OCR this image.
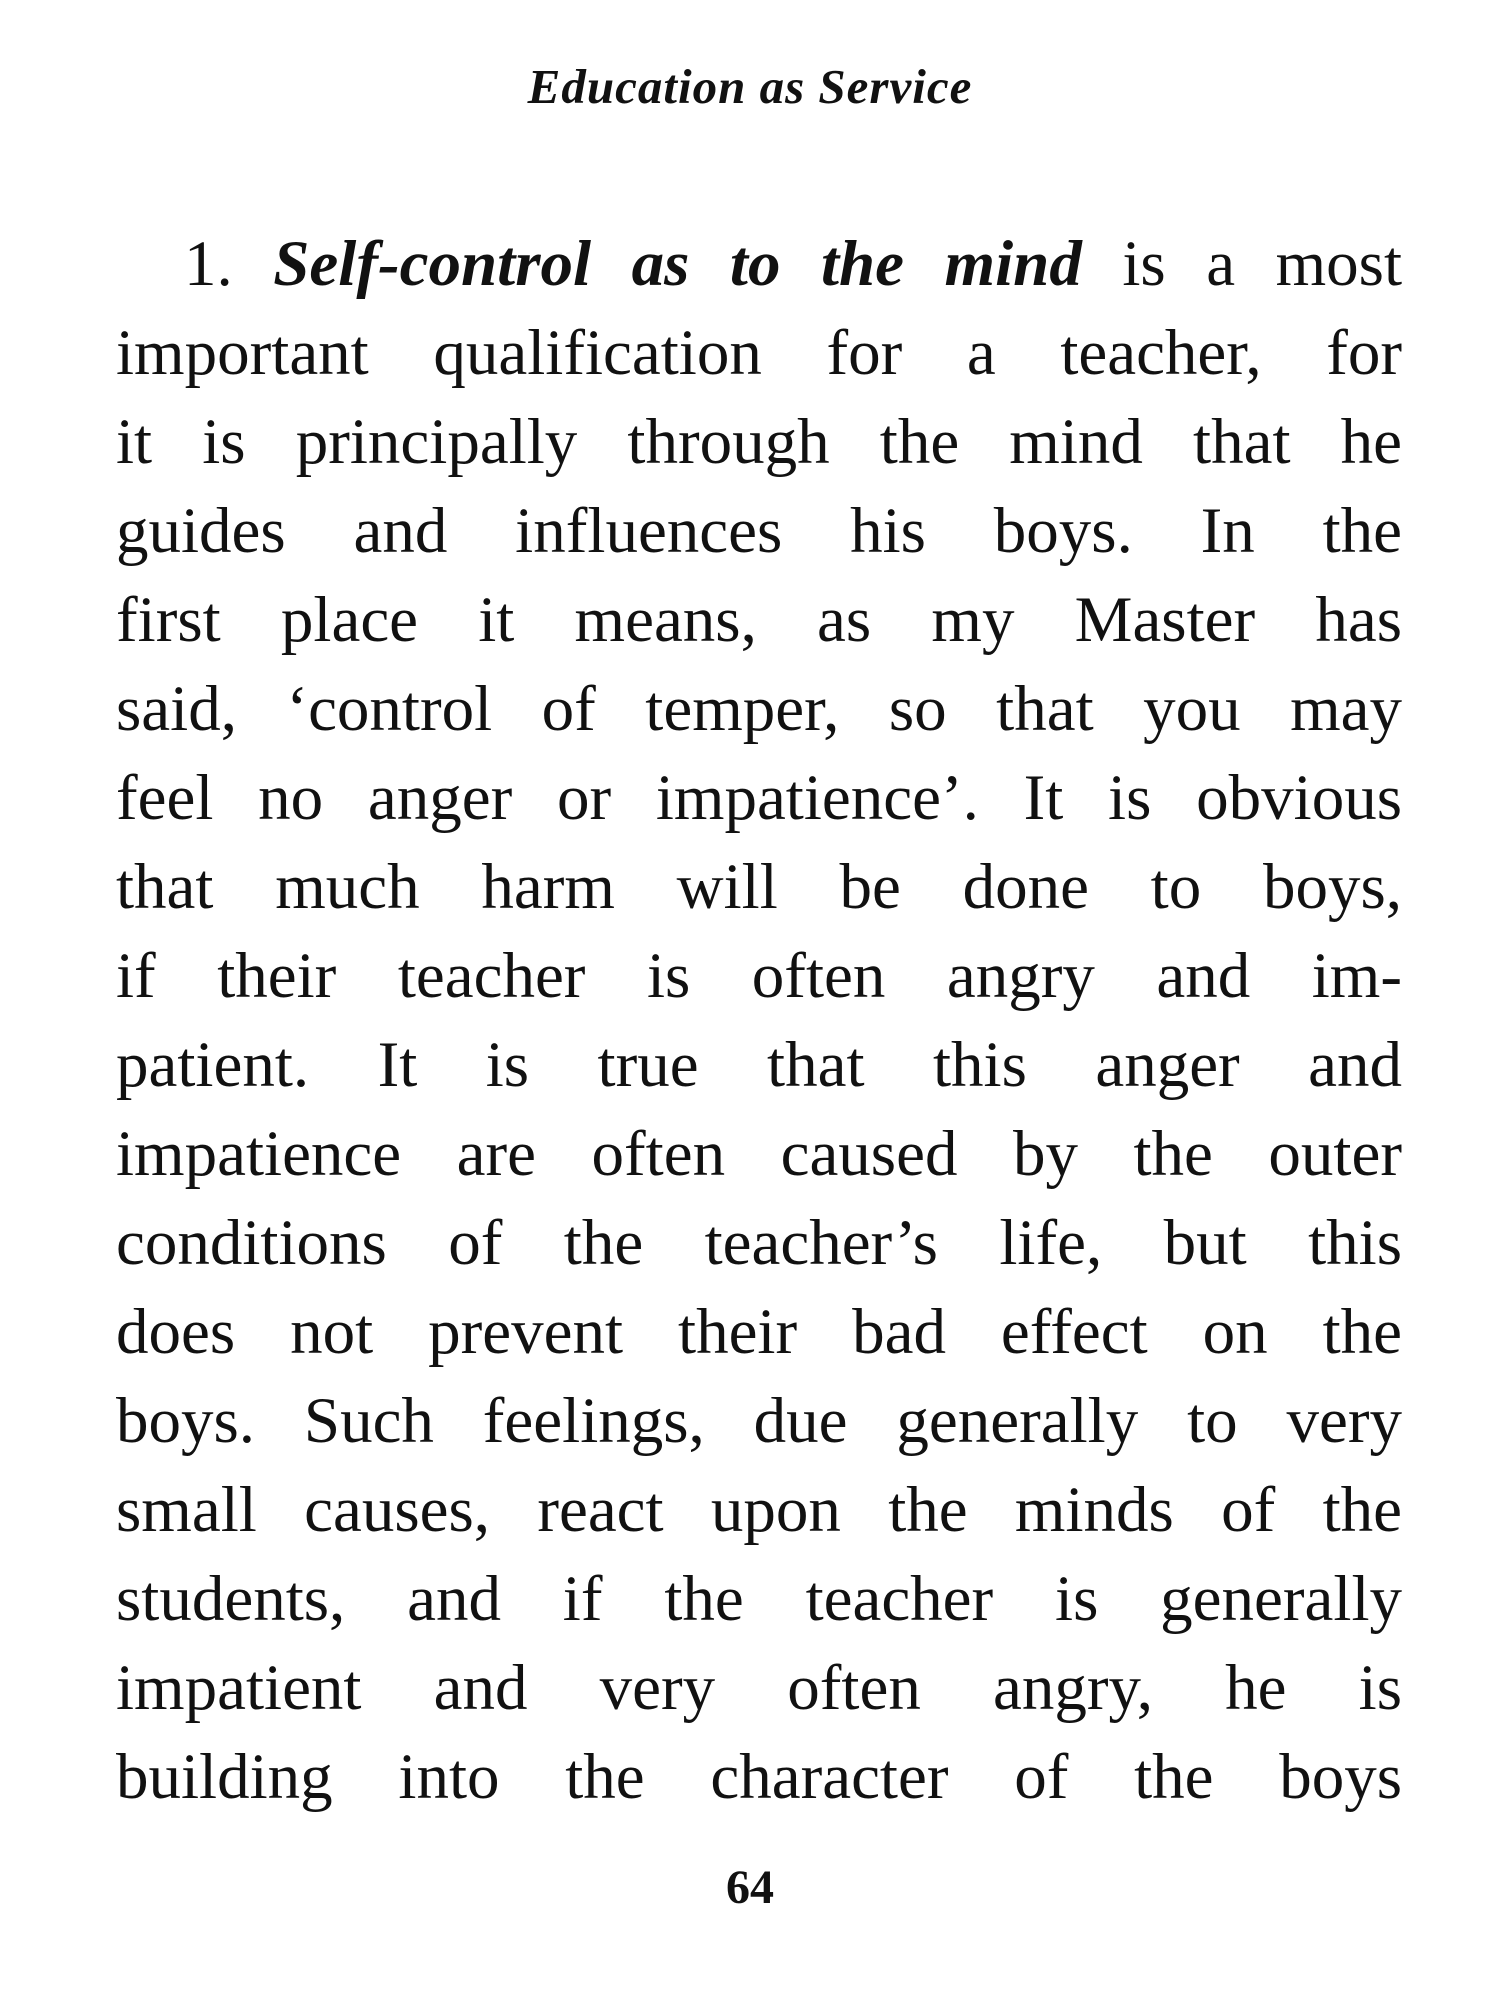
Education as Service
1. Self-control as to the mind is a most
important qualification for a teacher, for
it is principally through the mind that he
guides and influences his boys. In the
first place it means, as my Master has
said, ‘control of temper, so that you may
feel no anger or impatience’. It is obvious
that much harm will be done to boys,
if their teacher is often angry and im-
patient. It is true that this anger and
impatience are often caused by the outer
conditions of the teacher’s life, but this
does not prevent their bad effect on the
boys. Such feelings, due generally to very
small causes, react upon the minds of the
students, and if the teacher is generally
impatient and very often angry, he is
building into the character of the boys
64
